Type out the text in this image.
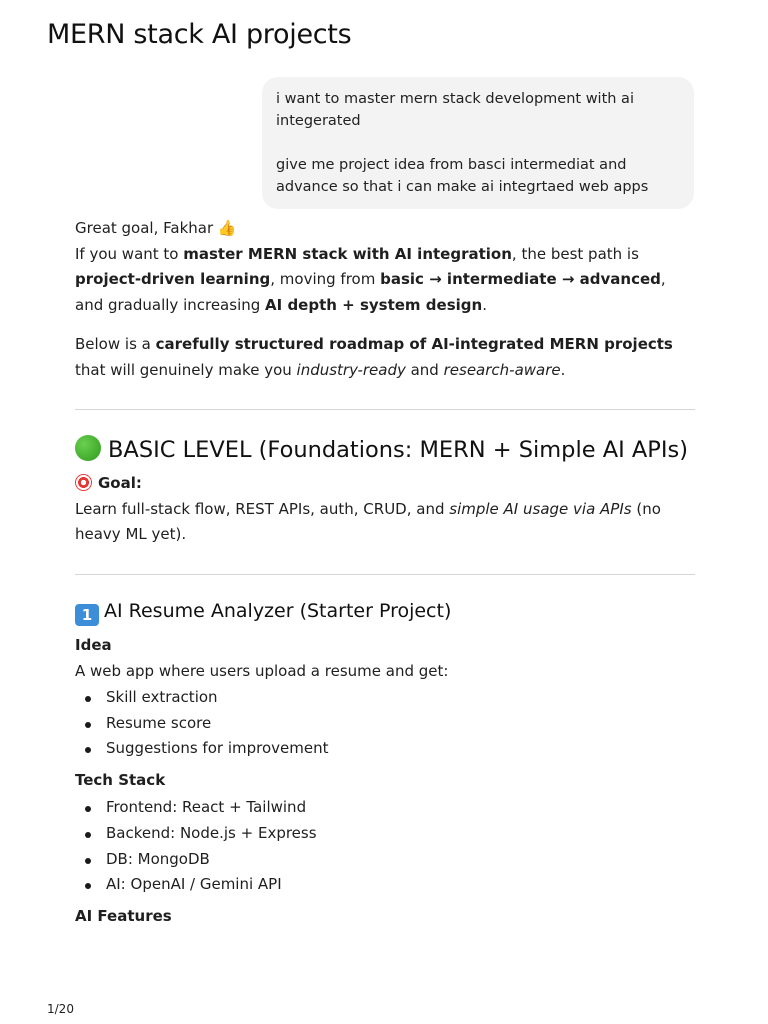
MERN stack AI projects

i want to master mern stack development with ai integerated

give me project idea from basci intermediat and advance so that i can make ai integrtaed web apps

Great goal, Fakhar 👍

If you want to master MERN stack with AI integration, the best path is project-driven learning, moving from basic → intermediate → advanced, and gradually increasing AI depth + system design.

Below is a carefully structured roadmap of AI-integrated MERN projects that will genuinely make you industry-ready and research-aware.

BASIC LEVEL (Foundations: MERN + Simple AI APIs)

Goal:

Learn full-stack flow, REST APIs, auth, CRUD, and simple AI usage via APIs (no heavy ML yet).

1 AI Resume Analyzer (Starter Project)
Idea

A web app where users upload a resume and get:

Skill extraction
Resume score
Suggestions for improvement
Tech Stack
Frontend: React + Tailwind
Backend: Node.js + Express
DB: MongoDB
AI: OpenAI / Gemini API
AI Features
1/20
